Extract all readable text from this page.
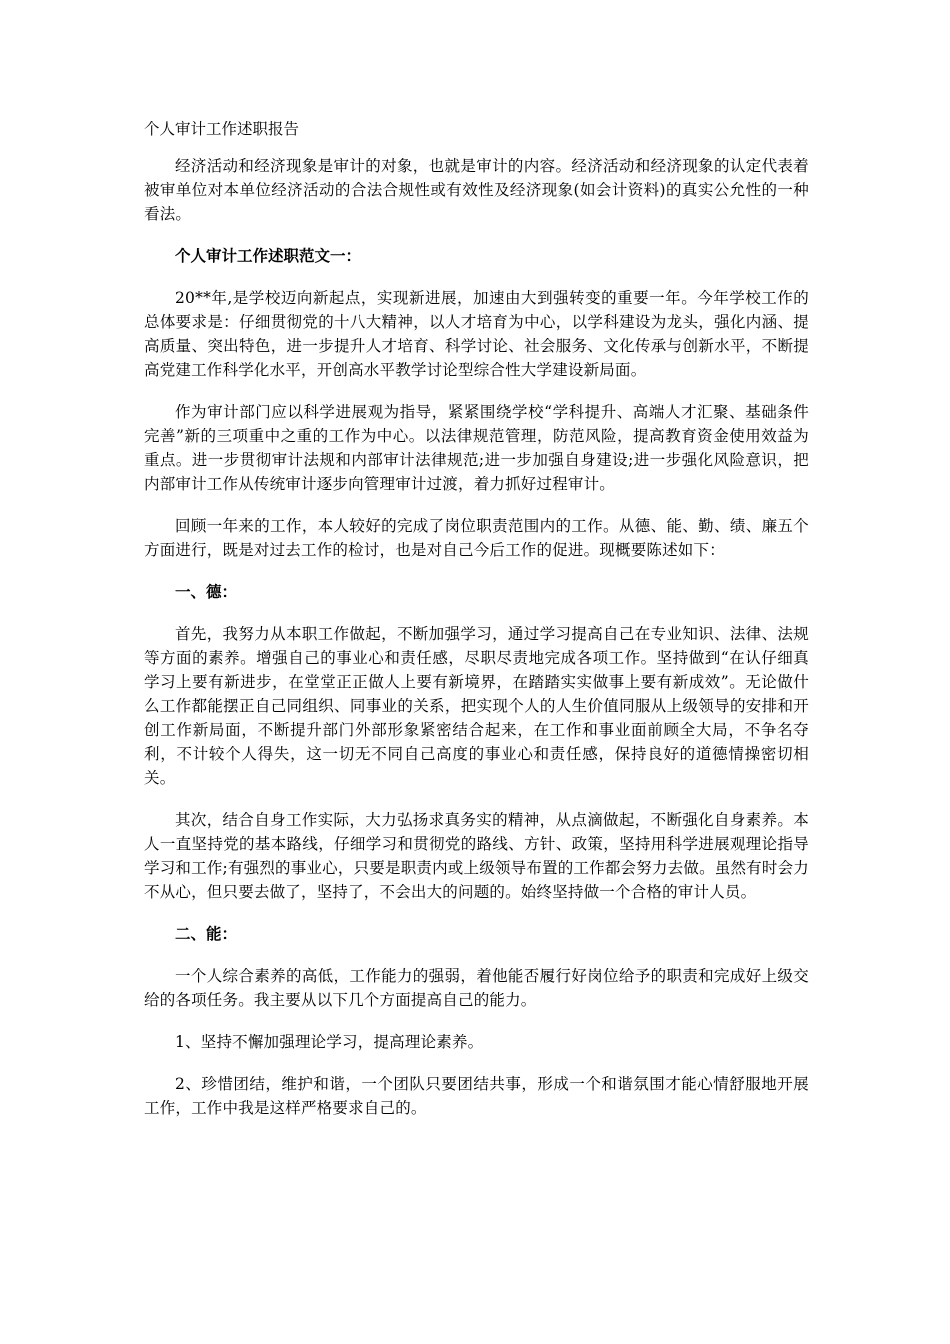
个人审计工作述职报告

经济活动和经济现象是审计的对象，也就是审计的内容。经济活动和经济现象的认定代表着被审单位对本单位经济活动的合法合规性或有效性及经济现象(如会计资料)的真实公允性的一种看法。

个人审计工作述职范文一：

20**年,是学校迈向新起点，实现新进展，加速由大到强转变的重要一年。今年学校工作的总体要求是：仔细贯彻党的十八大精神，以人才培育为中心，以学科建设为龙头，强化内涵、提高质量、突出特色，进一步提升人才培育、科学讨论、社会服务、文化传承与创新水平，不断提高党建工作科学化水平，开创高水平教学讨论型综合性大学建设新局面。

作为审计部门应以科学进展观为指导，紧紧围绕学校“学科提升、高端人才汇聚、基础条件完善”新的三项重中之重的工作为中心。以法律规范管理，防范风险，提高教育资金使用效益为重点。进一步贯彻审计法规和内部审计法律规范;进一步加强自身建设;进一步强化风险意识，把内部审计工作从传统审计逐步向管理审计过渡，着力抓好过程审计。

回顾一年来的工作，本人较好的完成了岗位职责范围内的工作。从德、能、勤、绩、廉五个方面进行，既是对过去工作的检讨，也是对自己今后工作的促进。现概要陈述如下：

一、德：

首先，我努力从本职工作做起，不断加强学习，通过学习提高自己在专业知识、法律、法规等方面的素养。增强自己的事业心和责任感，尽职尽责地完成各项工作。坚持做到“在认仔细真学习上要有新进步，在堂堂正正做人上要有新境界，在踏踏实实做事上要有新成效”。无论做什么工作都能摆正自己同组织、同事业的关系，把实现个人的人生价值同服从上级领导的安排和开创工作新局面，不断提升部门外部形象紧密结合起来，在工作和事业面前顾全大局，不争名夺利，不计较个人得失，这一切无不同自己高度的事业心和责任感，保持良好的道德情操密切相关。

其次，结合自身工作实际，大力弘扬求真务实的精神，从点滴做起，不断强化自身素养。本人一直坚持党的基本路线，仔细学习和贯彻党的路线、方针、政策，坚持用科学进展观理论指导学习和工作;有强烈的事业心，只要是职责内或上级领导布置的工作都会努力去做。虽然有时会力不从心，但只要去做了，坚持了，不会出大的问题的。始终坚持做一个合格的审计人员。

二、能：

一个人综合素养的高低，工作能力的强弱，着他能否履行好岗位给予的职责和完成好上级交给的各项任务。我主要从以下几个方面提高自己的能力。

1、坚持不懈加强理论学习，提高理论素养。

2、珍惜团结，维护和谐，一个团队只要团结共事，形成一个和谐氛围才能心情舒服地开展工作，工作中我是这样严格要求自己的。
